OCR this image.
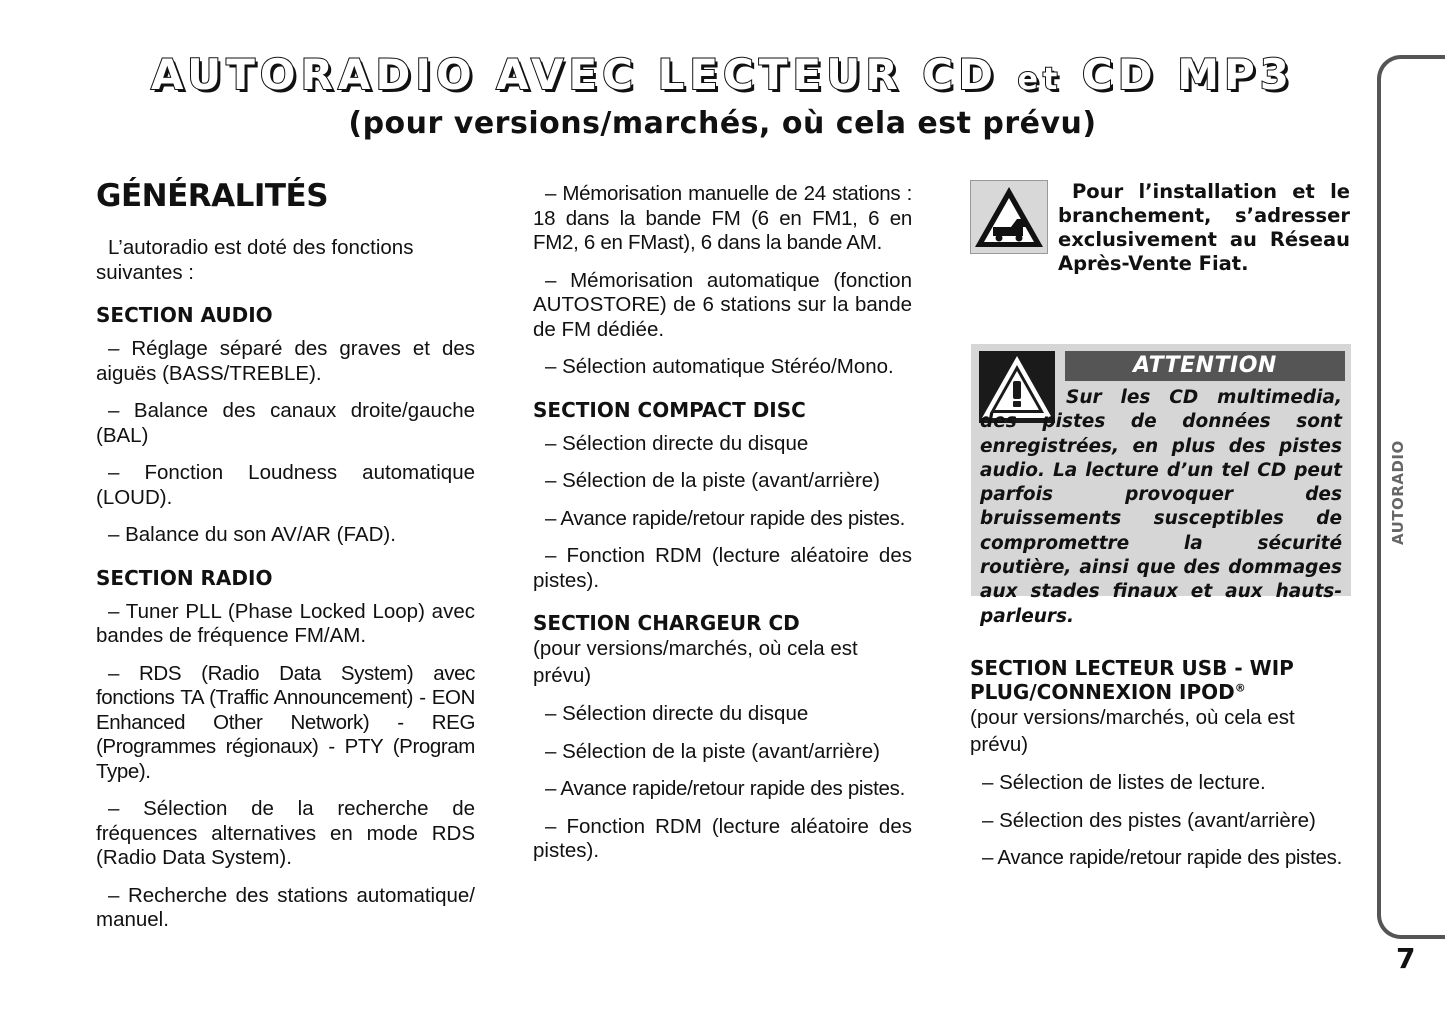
AUTORADIO AVEC LECTEUR CD et CD MP3
(pour versions/marchés, où cela est prévu)
GÉNÉRALITÉS
L’autoradio est doté des fonctions suivantes :
SECTION AUDIO
– Réglage séparé des graves et des aiguës (BASS/TREBLE).
– Balance des canaux droite/gauche (BAL)
– Fonction Loudness automatique (LOUD).
– Balance du son AV/AR (FAD).
SECTION RADIO
– Tuner PLL (Phase Locked Loop) avec bandes de fréquence FM/AM.
– RDS (Radio Data System) avec fonctions TA (Traffic Announcement) - EON Enhanced Other Network) - REG (Programmes régionaux) - PTY (Program Type).
– Sélection de la recherche de fréquences alternatives en mode RDS (Radio Data System).
– Recherche des stations automatique/ manuel.
– Mémorisation manuelle de 24 stations : 18 dans la bande FM (6 en FM1, 6 en FM2, 6 en FMast), 6 dans la bande AM.
– Mémorisation automatique (fonction AUTOSTORE) de 6 stations sur la bande de FM dédiée.
– Sélection automatique Stéréo/Mono.
SECTION COMPACT DISC
– Sélection directe du disque
– Sélection de la piste (avant/arrière)
– Avance rapide/retour rapide des pistes.
– Fonction RDM (lecture aléatoire des pistes).
SECTION CHARGEUR CD
(pour versions/marchés, où cela est prévu)
– Sélection directe du disque
– Sélection de la piste (avant/arrière)
– Avance rapide/retour rapide des pistes.
– Fonction RDM (lecture aléatoire des pistes).
Pour l’installation et le branchement, s’adresser exclusivement au Réseau Après-Vente Fiat.
ATTENTION
Sur les CD multimedia, des pistes de données sont enregistrées, en plus des pistes audio. La lecture d’un tel CD peut parfois provoquer des bruissements susceptibles de compromettre la sécurité routière, ainsi que des dommages aux stades finaux et aux hauts-parleurs.
SECTION LECTEUR USB - WIP PLUG/CONNEXION IPOD®
(pour versions/marchés, où cela est prévu)
– Sélection de listes de lecture.
– Sélection des pistes (avant/arrière)
– Avance rapide/retour rapide des pistes.
AUTORADIO
7
